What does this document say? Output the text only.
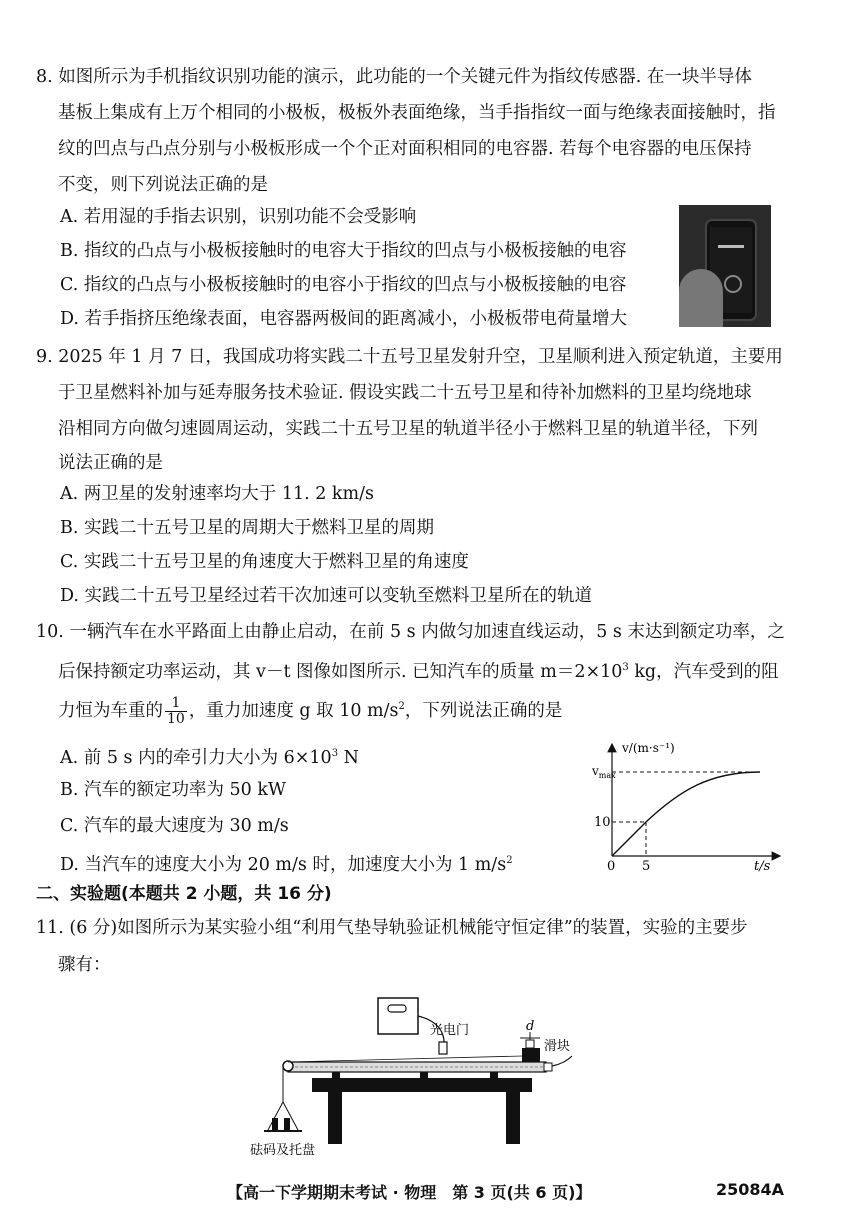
8. 如图所示为手机指纹识别功能的演示，此功能的一个关键元件为指纹传感器. 在一块半导体
基板上集成有上万个相同的小极板，极板外表面绝缘，当手指指纹一面与绝缘表面接触时，指
纹的凹点与凸点分别与小极板形成一个个正对面积相同的电容器. 若每个电容器的电压保持
不变，则下列说法正确的是
A. 若用湿的手指去识别，识别功能不会受影响
B. 指纹的凸点与小极板接触时的电容大于指纹的凹点与小极板接触的电容
C. 指纹的凸点与小极板接触时的电容小于指纹的凹点与小极板接触的电容
D. 若手指挤压绝缘表面，电容器两极间的距离减小，小极板带电荷量增大
9. 2025 年 1 月 7 日，我国成功将实践二十五号卫星发射升空，卫星顺利进入预定轨道，主要用
于卫星燃料补加与延寿服务技术验证. 假设实践二十五号卫星和待补加燃料的卫星均绕地球
沿相同方向做匀速圆周运动，实践二十五号卫星的轨道半径小于燃料卫星的轨道半径，下列
说法正确的是
A. 两卫星的发射速率均大于 11. 2 km/s
B. 实践二十五号卫星的周期大于燃料卫星的周期
C. 实践二十五号卫星的角速度大于燃料卫星的角速度
D. 实践二十五号卫星经过若干次加速可以变轨至燃料卫星所在的轨道
10. 一辆汽车在水平路面上由静止启动，在前 5 s 内做匀加速直线运动，5 s 末达到额定功率，之
后保持额定功率运动，其 v－t 图像如图所示. 已知汽车的质量 $m=2\times 10^3$ kg，汽车受到的阻
力恒为车重的 $\frac{1}{10}$ ，重力加速度 g 取 10 $m/s^2$，下列说法正确的是
A. 前 5 s 内的牵引力大小为 $6\times 10^3$ N
B. 汽车的额定功率为 50 kW
C. 汽车的最大速度为 30 m/s
D. 当汽车的速度大小为 20 m/s 时，加速度大小为 1 $m/s^2$
v/(m·s⁻¹)
$v_{max}$
10
0 5	t/s
二、实验题(本题共 2 小题，共 16 分)
11. (6 分)如图所示为某实验小组“利用气垫导轨验证机械能守恒定律”的装置，实验的主要步
骤有：
光电门	d
滑块
砝码及托盘
【高一下学期期末考试 · 物理　第 3 页(共 6 页)】	25084A
